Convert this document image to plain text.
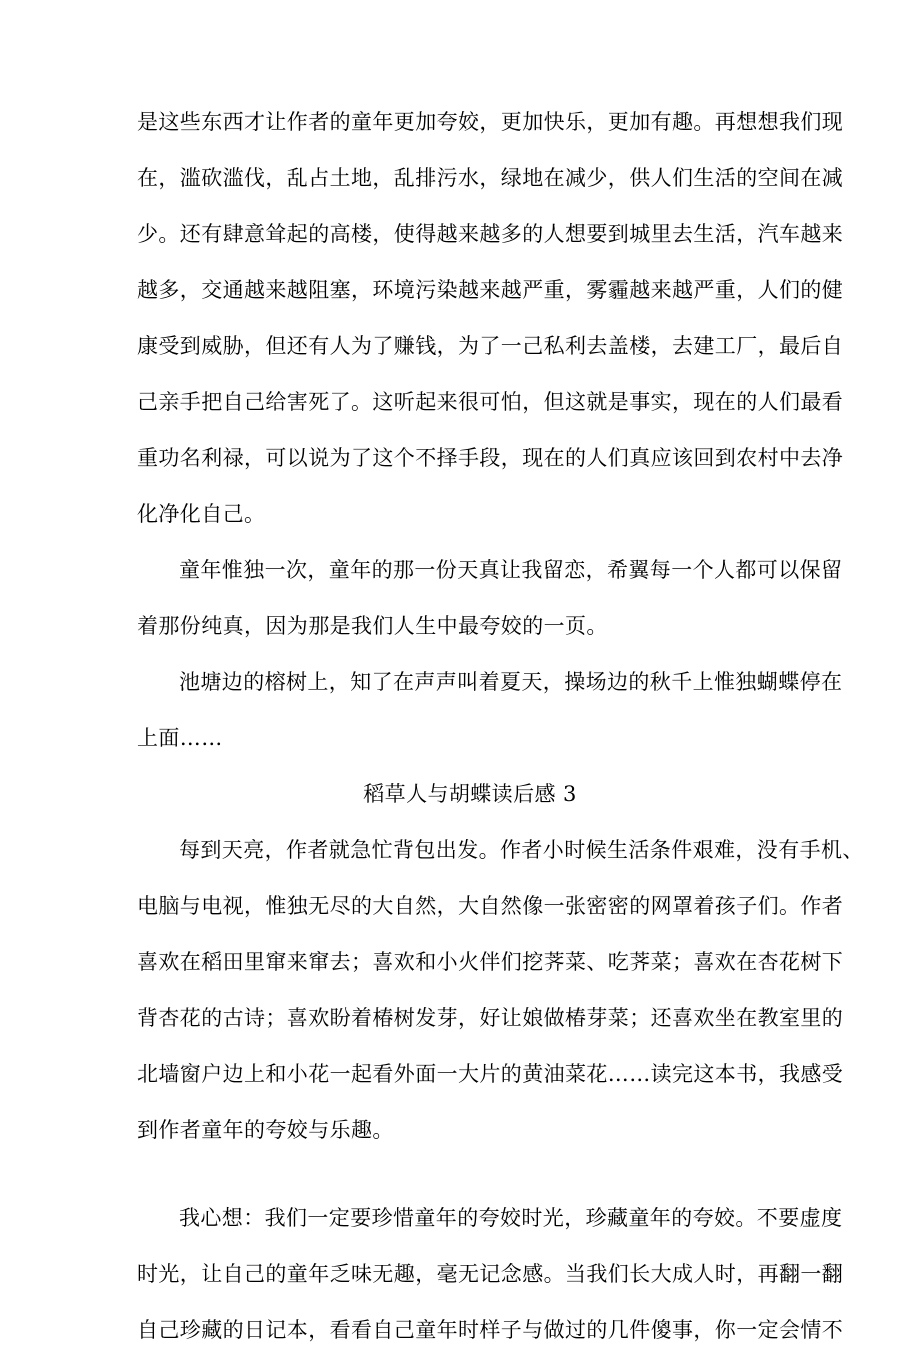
是这些东西才让作者的童年更加夸姣，更加快乐，更加有趣。再想想我们现
在，滥砍滥伐，乱占土地，乱排污水，绿地在减少，供人们生活的空间在减
少。还有肆意耸起的高楼，使得越来越多的人想要到城里去生活，汽车越来
越多，交通越来越阻塞，环境污染越来越严重，雾霾越来越严重，人们的健
康受到威胁，但还有人为了赚钱，为了一己私利去盖楼，去建工厂，最后自
己亲手把自己给害死了。这听起来很可怕，但这就是事实，现在的人们最看
重功名利禄，可以说为了这个不择手段，现在的人们真应该回到农村中去净
化净化自己。
童年惟独一次，童年的那一份天真让我留恋，希翼每一个人都可以保留
着那份纯真，因为那是我们人生中最夸姣的一页。
池塘边的榕树上，知了在声声叫着夏天，操场边的秋千上惟独蝴蝶停在
上面……
稻草人与胡蝶读后感 3
每到天亮，作者就急忙背包出发。作者小时候生活条件艰难，没有手机、
电脑与电视，惟独无尽的大自然，大自然像一张密密的网罩着孩子们。作者
喜欢在稻田里窜来窜去；喜欢和小火伴们挖荠菜、吃荠菜；喜欢在杏花树下
背杏花的古诗；喜欢盼着椿树发芽，好让娘做椿芽菜；还喜欢坐在教室里的
北墙窗户边上和小花一起看外面一大片的黄油菜花……读完这本书，我感受
到作者童年的夸姣与乐趣。
我心想：我们一定要珍惜童年的夸姣时光，珍藏童年的夸姣。不要虚度
时光，让自己的童年乏味无趣，毫无记念感。当我们长大成人时，再翻一翻
自己珍藏的日记本，看看自己童年时样子与做过的几件傻事，你一定会情不
